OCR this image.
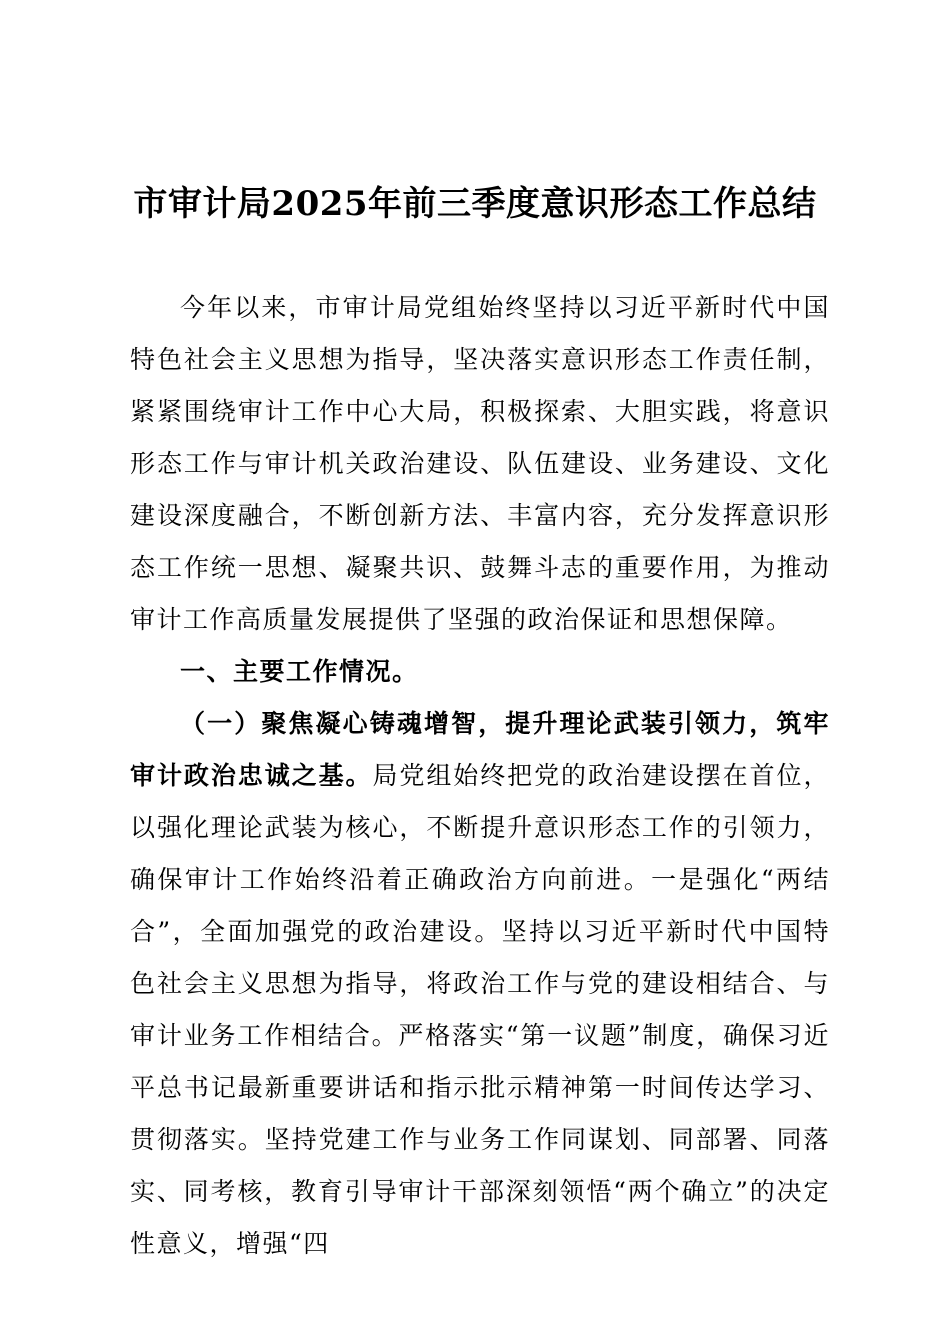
市审计局2025年前三季度意识形态工作总结

今年以来，市审计局党组始终坚持以习近平新时代中国特色社会主义思想为指导，坚决落实意识形态工作责任制，紧紧围绕审计工作中心大局，积极探索、大胆实践，将意识形态工作与审计机关政治建设、队伍建设、业务建设、文化建设深度融合，不断创新方法、丰富内容，充分发挥意识形态工作统一思想、凝聚共识、鼓舞斗志的重要作用，为推动审计工作高质量发展提供了坚强的政治保证和思想保障。

一、主要工作情况。

（一）聚焦凝心铸魂增智，提升理论武装引领力，筑牢审计政治忠诚之基。局党组始终把党的政治建设摆在首位，以强化理论武装为核心，不断提升意识形态工作的引领力，确保审计工作始终沿着正确政治方向前进。一是强化“两结合”，全面加强党的政治建设。坚持以习近平新时代中国特色社会主义思想为指导，将政治工作与党的建设相结合、与审计业务工作相结合。严格落实“第一议题”制度，确保习近平总书记最新重要讲话和指示批示精神第一时间传达学习、贯彻落实。坚持党建工作与业务工作同谋划、同部署、同落实、同考核，教育引导审计干部深刻领悟“两个确立”的决定性意义，增强“四
